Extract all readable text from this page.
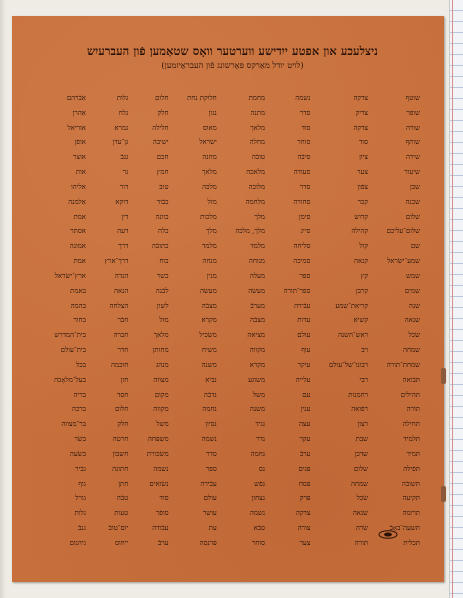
ניצלעכע און אפטע ייִדישע ווערטער וואָס שטאַמען פֿון העברעיִש
(לויט יודל מאַרקס פּאָרשונג פֿון העבראַיזמען)
אַבֿרהם
אַהרן
אוּריאל
אופֿן
אוצר
אות
אליהו
אַלמנה
אמת
אסתּר
אמונה
אמת
ארץ־ישׂראל
באמת
בהמה
בחור
בית־המדרש
בית־עולם
בכל
בעל־מלאָכה
בריה
ברכה
בר־מצווה
בשׂר
בשׂעה
גבֿיר
גוף
גורל
גלות
גנבֿ
גיהנום
גלות
גלח
גמרא
גן־עדן
גנבֿ
גר
דור
דוקא
דין
דעה
דרך
דרך־ארץ
הגדה
הנאה
הצלחה
חבֿר
חברה
חדר
חוכמה
חזן
חסד
חלום
חלק
חרטה
חשבון
חתונה
חתן
טבֿה
טעות
יום־טובֿ
ייחוס
חלום
חלק
חלילה
ישיבה
חכם
חמץ
טוב
כבֿוד
כוונה
כלה
כתובֿה
כוח
כשר
לבֿנה
לשון
מזל
מלאך
מחותן
מנהג
מצווה
מקום
מקווה
משל
משפּחה
משׂכּורת
נשמה
נשׂואים
סוד
סופֿר
עבֿודה
ערבֿ
חלוקת נחת
נגון
מאוס
ישׂראל
מחנה
מלאך
מלכּה
מזל
מלכות
מלך
מלמד
מנחה
מנין
מעשׂה
מצבֿה
מקרא
משׂכּיל
משיח
משנה
נביא
נדבֿה
נחמה
נסיון
נשמה
סדר
ספר
עבֿירה
עולם
עושר
עת
פּרנסה
מחמת
מתנה
מלאך
מחלה
טובֿה
מלאכה
מלוכה
מלחמה
מלך
מלך, מלכה
מלמד
מנוחה
מעלה
מעשׂה
מערבֿ
מצבֿה
מציאה
מקווה
מקרא
משוגע
משל
משנה
נגיד
נדר
נחמה
נס
נפֿש
נצחון
נשמה
סבֿא
סוחר
נשמה
סדר
סוד
סוחר
סיבֿה
סעודה
סדר
סחורה
סימן
סייג
סליחה
סמיכה
ספר
ספר־תורה
עבֿירה
עדות
עולם
עוף
עיקר
עלייה
עם
ענין
עצה
עקר
ערבֿ
פּנים
פּסח
פּרק
צדקה
צורה
צער
צדקה
צדיק
צדקה
סוד
ציון
צער
צפֿון
קבר
קדוש
קהילה
קול
קנאה
קץ
קרבן
קריאת־שמע
קשיא
ראש־השנה
רב
רבונו־של־עולם
רבי
רחמנות
רפֿואה
רצון
שבת
שדכן
שלום
שמחה
שׂכל
שׂנאה
שׂרה
תּורה
שוטף
שופר
שורה
שותף
שירה
שיעור
שכן
שכנה
שלום
שלום־עליכם
שם
שמע־ישׂראל
שמש
שמים
שנה
שנאה
שׂכל
שמחה
שמחת־תורה
תּבֿואה
תּהילים
תּוֹרה
תּחילה
תּלמיד
תּמיד
תּפֿילה
תּשובֿה
תּקיעה
תּרומה
תּשעה־באָבֿ
תּכלית
